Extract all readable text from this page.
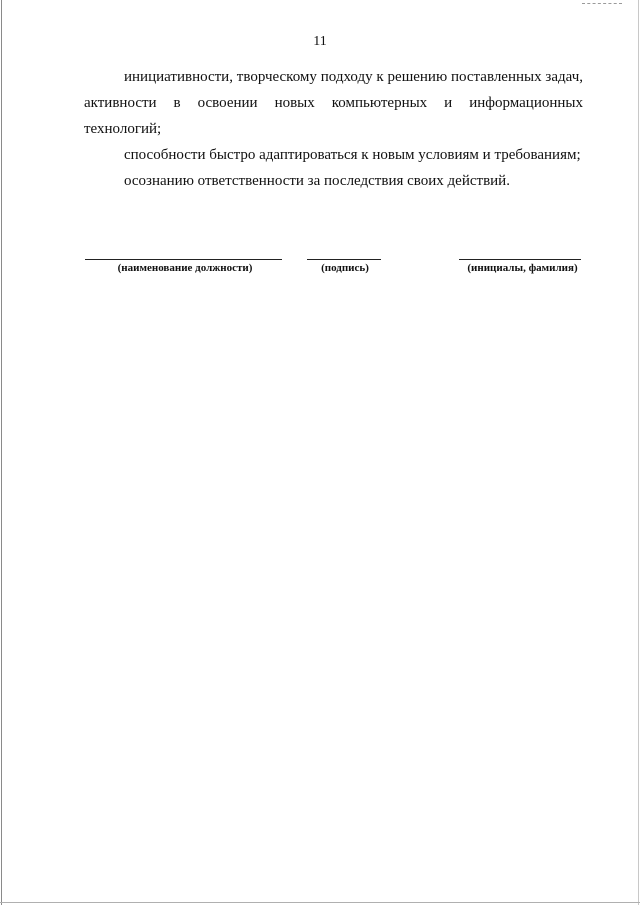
11

инициативности, творческому подходу к решению поставленных задач, активности в освоении новых компьютерных и информационных технологий;

способности быстро адаптироваться к новым условиям и требованиям;

осознанию ответственности за последствия своих действий.

(наименование должности)	(подпись)	(инициалы, фамилия)
